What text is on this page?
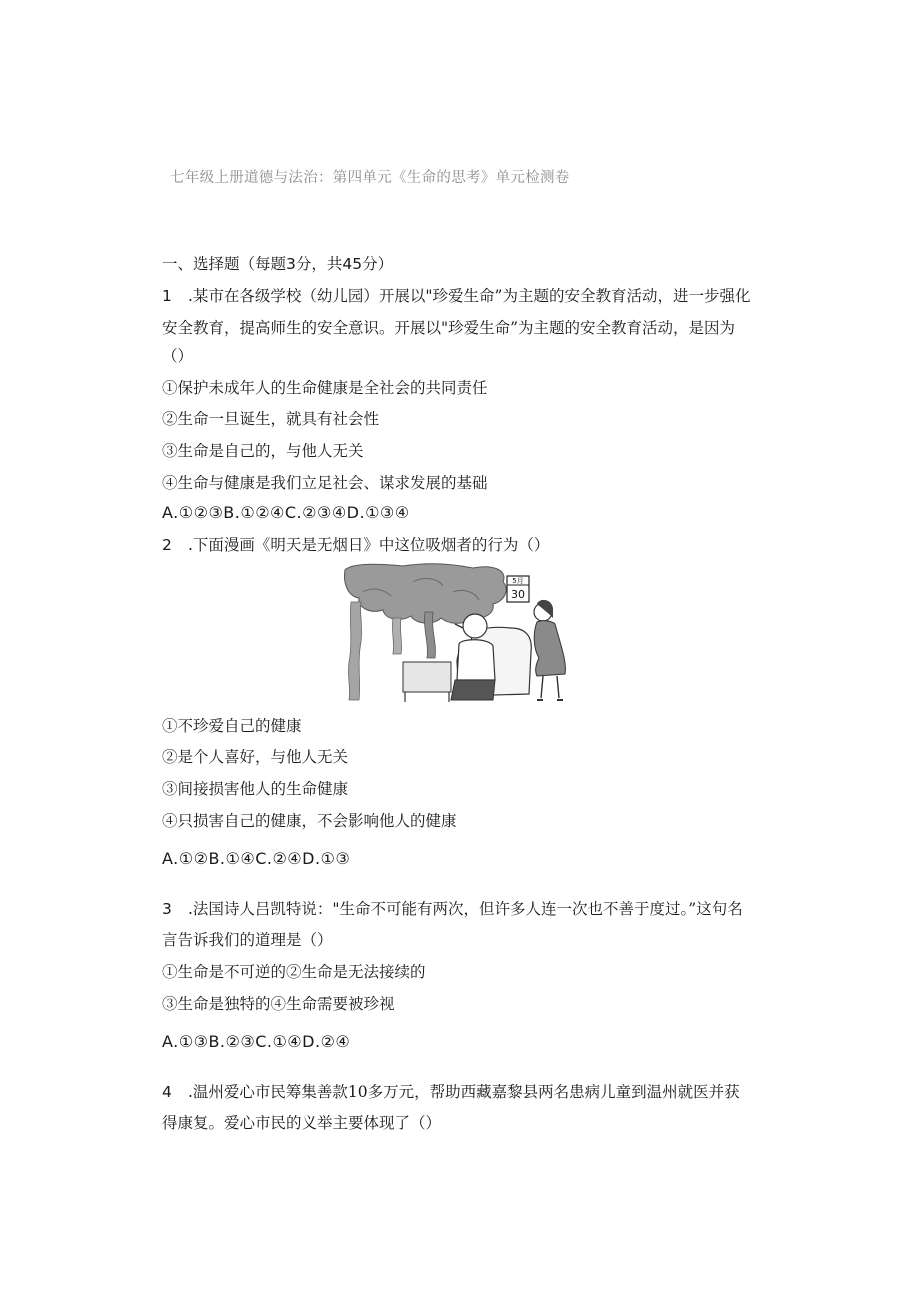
七年级上册道德与法治：第四单元《生命的思考》单元检测卷
一、选择题（每题3分，共45分）
1 .某市在各级学校（幼儿园）开展以"珍爱生命”为主题的安全教育活动，进一步强化
安全教育，提高师生的安全意识。开展以"珍爱生命”为主题的安全教育活动，是因为
（）
①保护未成年人的生命健康是全社会的共同责任
②生命一旦诞生，就具有社会性
③生命是自己的，与他人无关
④生命与健康是我们立足社会、谋求发展的基础
A.①②③B.①②④C.②③④D.①③④
2 .下面漫画《明天是无烟日》中这位吸烟者的行为（）
5月
30
①不珍爱自己的健康
②是个人喜好，与他人无关
③间接损害他人的生命健康
④只损害自己的健康，不会影响他人的健康
A.①②B.①④C.②④D.①③
3 .法国诗人吕凯特说："生命不可能有两次，但许多人连一次也不善于度过。”这句名
言告诉我们的道理是（）
①生命是不可逆的②生命是无法接续的
③生命是独特的④生命需要被珍视
A.①③B.②③C.①④D.②④
4 .温州爱心市民筹集善款10多万元，帮助西藏嘉黎县两名患病儿童到温州就医并获
得康复。爱心市民的义举主要体现了（）
